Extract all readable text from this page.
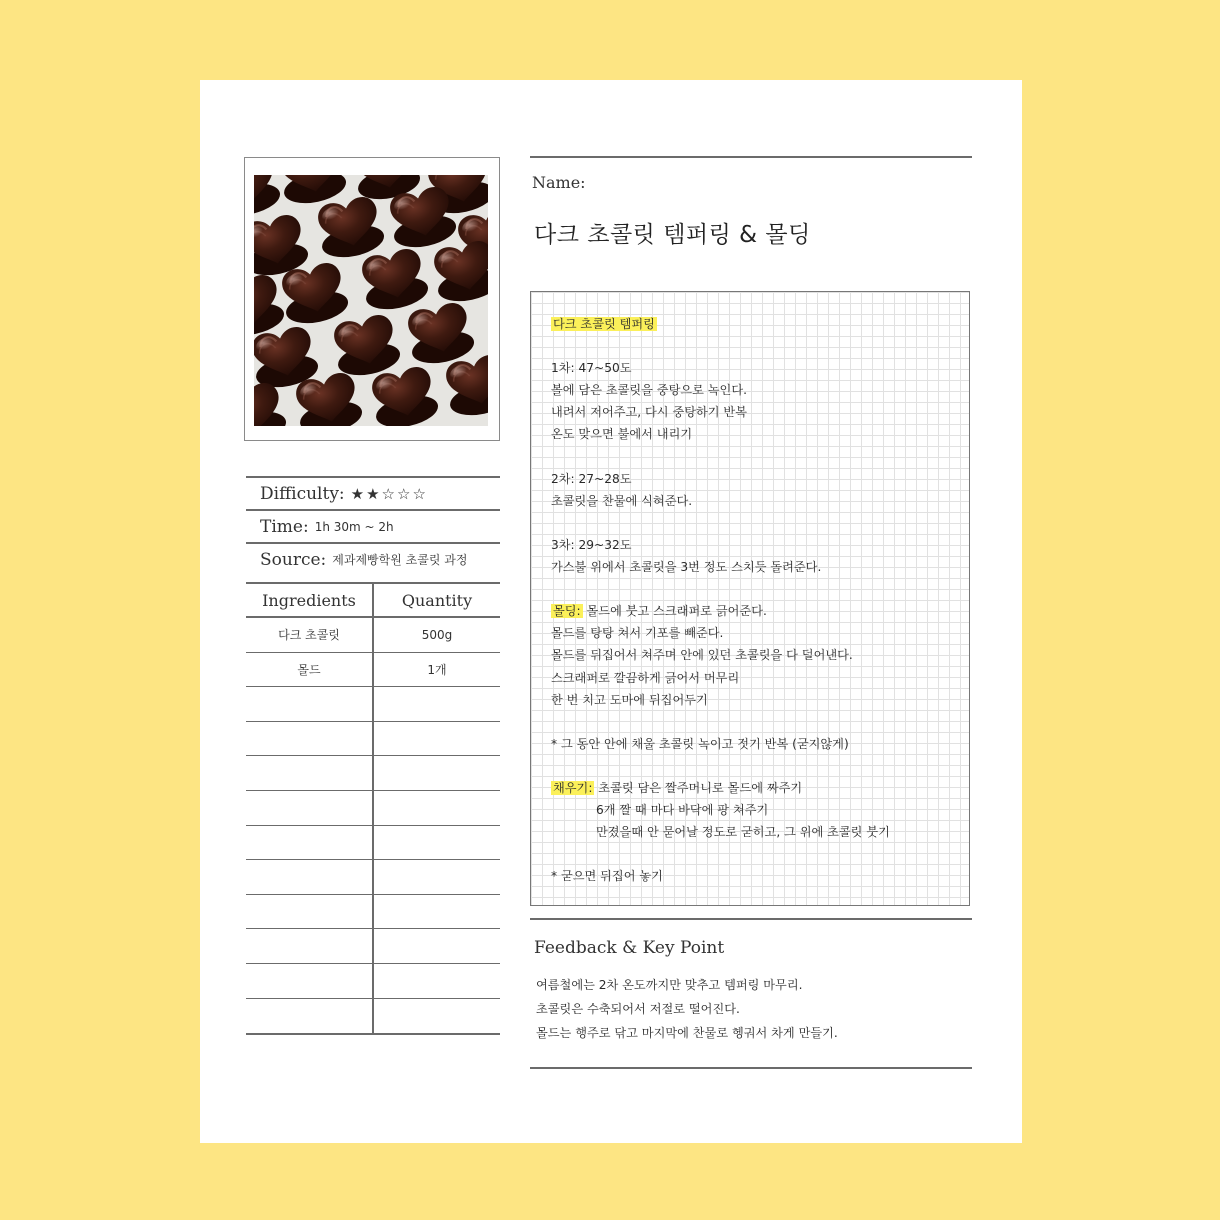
Difficulty: ★★☆☆☆
Time: 1h 30m ~ 2h
Source: 제과제빵학원 초콜릿 과정
Ingredients	Quantity
다크 초콜릿	500g
몰드	1개
Name:
다크 초콜릿 템퍼링 & 몰딩
다크 초콜릿 템퍼링
1차: 47~50도
볼에 담은 초콜릿을 중탕으로 녹인다.
내려서 저어주고, 다시 중탕하기 반복
온도 맞으면 불에서 내리기
2차: 27~28도
초콜릿을 찬물에 식혀준다.
3차: 29~32도
가스불 위에서 초콜릿을 3번 정도 스치듯 돌려준다.
몰딩: 몰드에 붓고 스크래퍼로 긁어준다.
몰드를 탕탕 쳐서 기포를 빼준다.
몰드를 뒤집어서 쳐주며 안에 있던 초콜릿을 다 덜어낸다.
스크래퍼로 깔끔하게 긁어서 머무리
한 번 치고 도마에 뒤집어두기
* 그 동안 안에 채울 초콜릿 녹이고 젓기 반복 (굳지않게)
채우기: 초콜릿 담은 짤주머니로 몰드에 짜주기
6개 짤 때 마다 바닥에 팡 쳐주기
만졌을때 안 묻어날 정도로 굳히고, 그 위에 초콜릿 붓기
* 굳으면 뒤집어 놓기
Feedback & Key Point
여름철에는 2차 온도까지만 맞추고 템퍼링 마무리.
초콜릿은 수축되어서 저절로 떨어진다.
몰드는 행주로 닦고 마지막에 찬물로 헹궈서 차게 만들기.
